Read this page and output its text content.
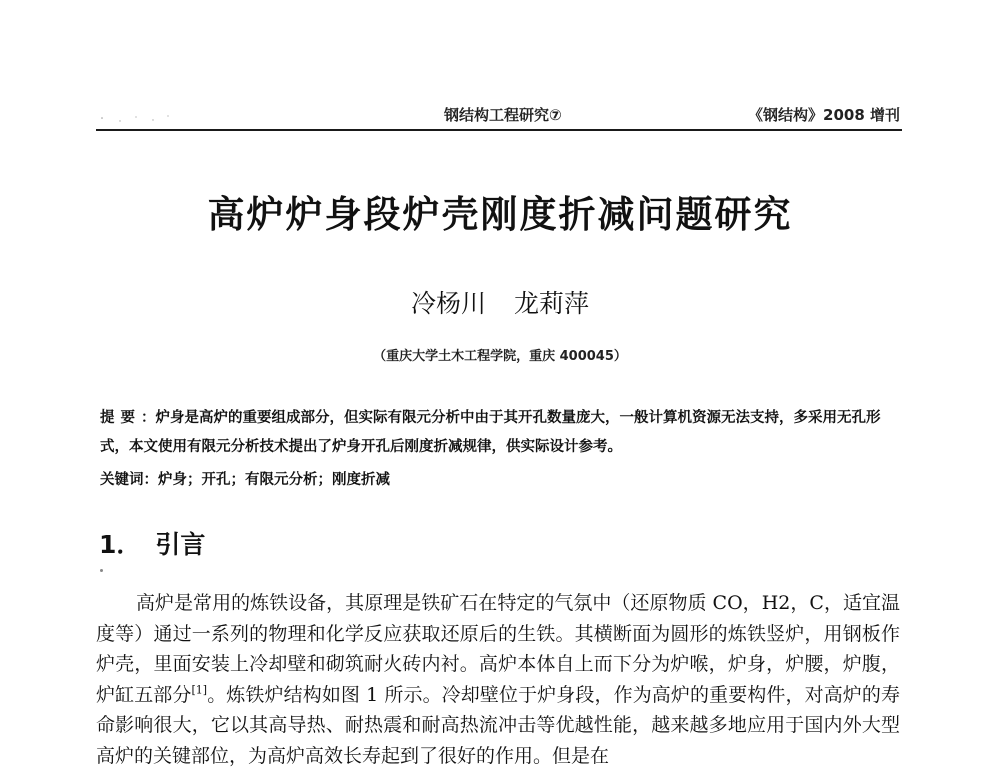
钢结构工程研究⑦	《钢结构》2008 增刊
高炉炉身段炉壳刚度折减问题研究
冷杨川 龙莉萍
（重庆大学土木工程学院，重庆 400045）
提要：炉身是高炉的重要组成部分，但实际有限元分析中由于其开孔数量庞大，一般计算机资源无法支持，多采用无孔形式，本文使用有限元分析技术提出了炉身开孔后刚度折减规律，供实际设计参考。
关键词：炉身；开孔；有限元分析；刚度折减
1． 引言

高炉是常用的炼铁设备，其原理是铁矿石在特定的气氛中（还原物质 CO，H2，C，适宜温度等）通过一系列的物理和化学反应获取还原后的生铁。其横断面为圆形的炼铁竖炉，用钢板作炉壳，里面安装上冷却壁和砌筑耐火砖内衬。高炉本体自上而下分为炉喉，炉身，炉腰，炉腹，炉缸五部分[1]。炼铁炉结构如图 1 所示。冷却壁位于炉身段，作为高炉的重要构件，对高炉的寿命影响很大，它以其高导热、耐热震和耐高热流冲击等优越性能，越来越多地应用于国内外大型高炉的关键部位，为高炉高效长寿起到了很好的作用。但是在
